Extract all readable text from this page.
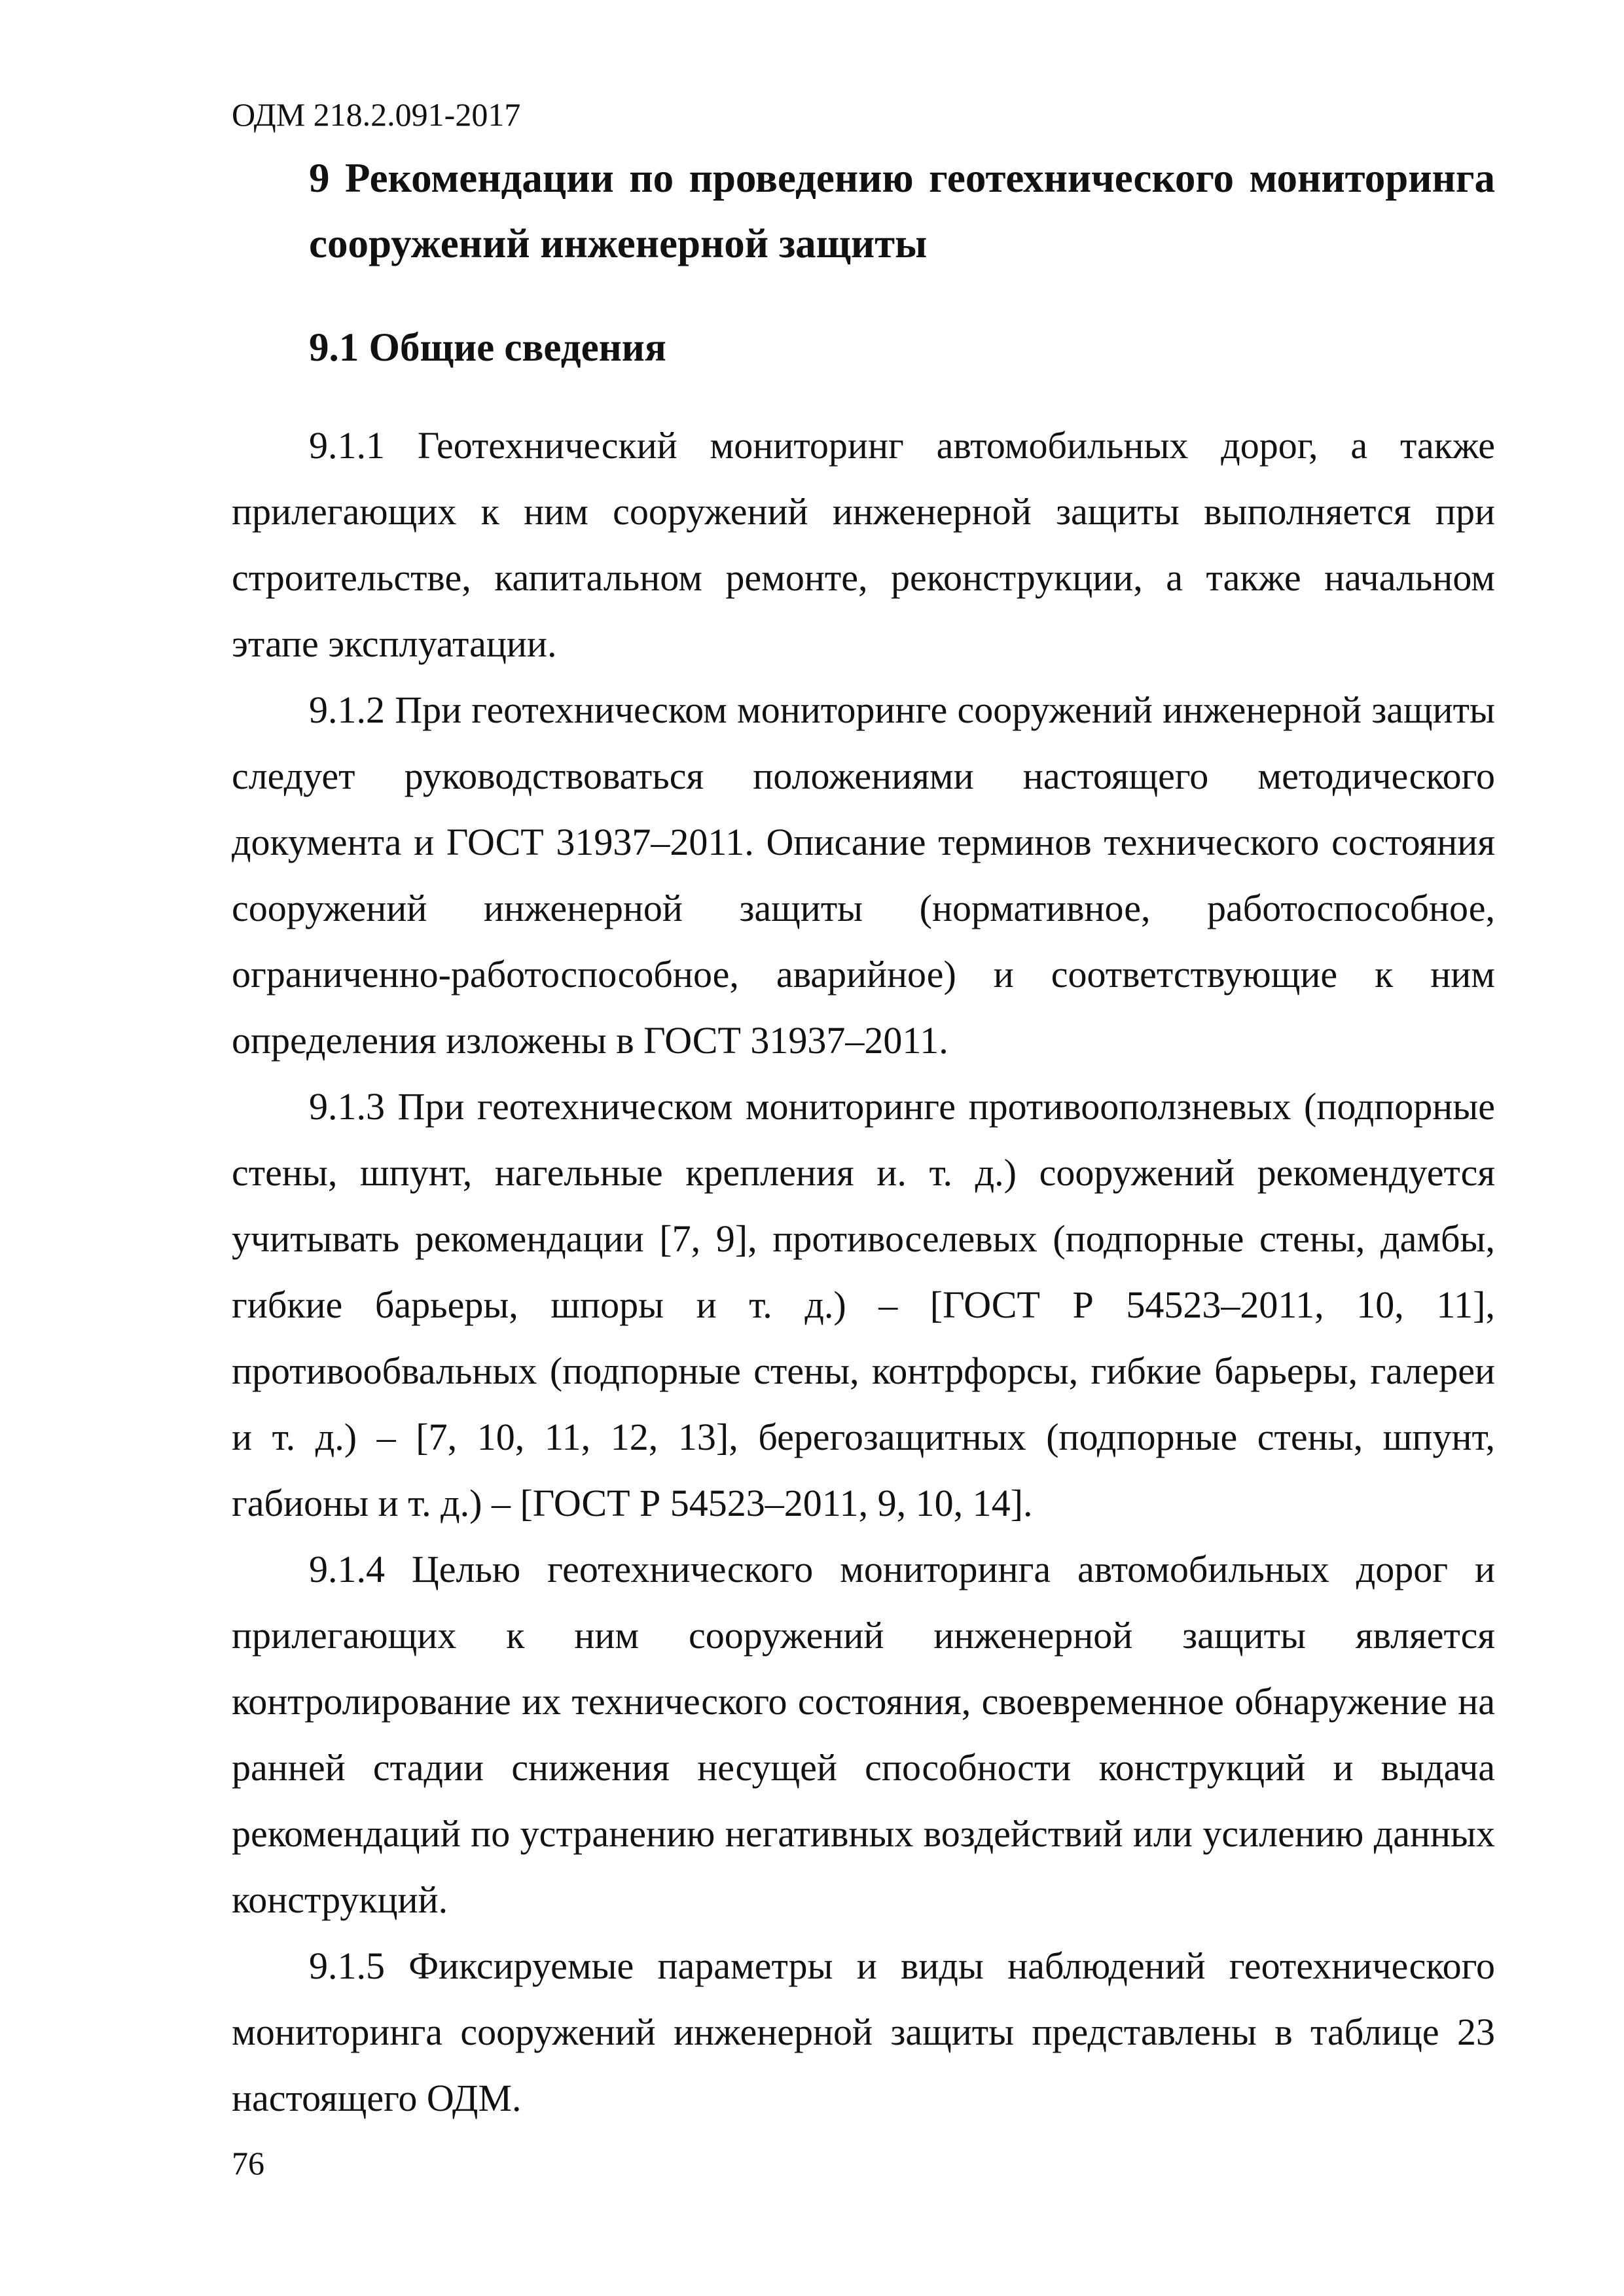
ОДМ 218.2.091-2017

9 Рекомендации по проведению геотехнического мониторинга сооружений инженерной защиты
9.1 Общие сведения

9.1.1 Геотехнический мониторинг автомобильных дорог, а также прилегающих к ним сооружений инженерной защиты выполняется при строительстве, капитальном ремонте, реконструкции, а также начальном этапе эксплуатации.

9.1.2 При геотехническом мониторинге сооружений инженерной защиты следует руководствоваться положениями настоящего методического документа и ГОСТ 31937–2011. Описание терминов технического состояния сооружений инженерной защиты (нормативное, работоспособное, ограниченно-работоспособное, аварийное) и соответствующие к ним определения изложены в ГОСТ 31937–2011.

9.1.3 При геотехническом мониторинге противооползневых (подпорные стены, шпунт, нагельные крепления и. т. д.) сооружений рекомендуется учитывать рекомендации [7, 9], противоселевых (подпорные стены, дамбы, гибкие барьеры, шпоры и т. д.) – [ГОСТ Р 54523–2011, 10, 11], противообвальных (подпорные стены, контрфорсы, гибкие барьеры, галереи и т. д.) – [7, 10, 11, 12, 13], берегозащитных (подпорные стены, шпунт, габионы и т. д.) – [ГОСТ Р 54523–2011, 9, 10, 14].

9.1.4 Целью геотехнического мониторинга автомобильных дорог и прилегающих к ним сооружений инженерной защиты является контролирование их технического состояния, своевременное обнаружение на ранней стадии снижения несущей способности конструкций и выдача рекомендаций по устранению негативных воздействий или усилению данных конструкций.

9.1.5 Фиксируемые параметры и виды наблюдений геотехнического мониторинга сооружений инженерной защиты представлены в таблице 23 настоящего ОДМ.

76
